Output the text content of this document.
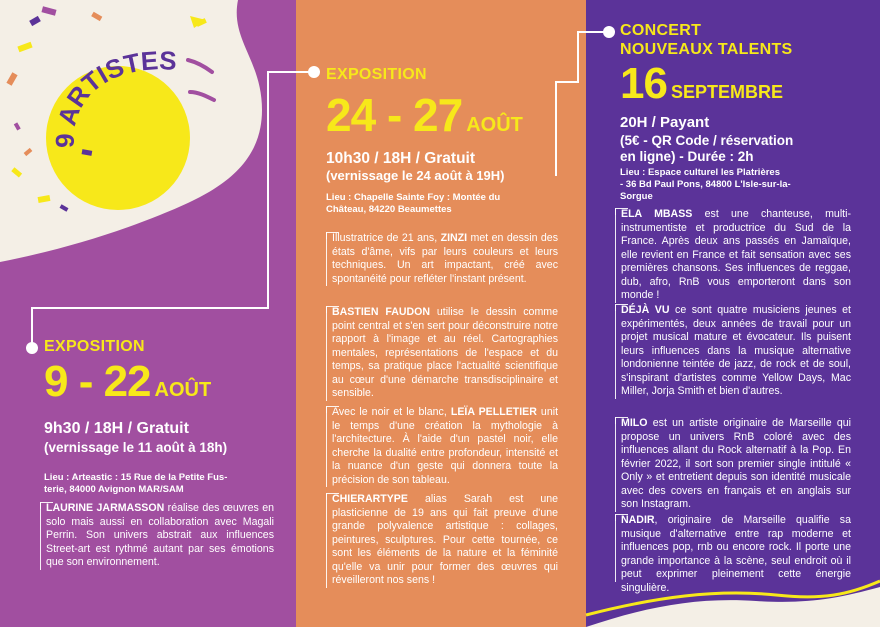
9 ARTISTES
EXPOSITION
9 - 22 AOÛT
9h30 / 18H / Gratuit
(vernissage le 11 août à 18h)
Lieu : Arteastic : 15 Rue de la Petite Fus-
terie, 84000 Avignon MAR/SAM
LAURINE JARMASSON réalise des œuvres en solo mais aussi en collaboration avec Magali Perrin. Son univers abstrait aux influences Street-art est rythmé autant par ses émotions que son environnement.
EXPOSITION
24 - 27 AOÛT
10h30 / 18H / Gratuit
(vernissage le 24 août à 19H)
Lieu : Chapelle Sainte Foy : Montée du
Château, 84220 Beaumettes
Illustratrice de 21 ans, ZINZI met en dessin des états d'âme, vifs par leurs couleurs et leurs techniques. Un art impactant, créé avec spontanéité pour refléter l'instant présent.
BASTIEN FAUDON utilise le dessin comme point central et s'en sert pour déconstruire notre rapport à l'image et au réel. Cartographies mentales, représentations de l'espace et du temps, sa pratique place l'actualité scientifique au cœur d'une démarche transdisciplinaire et sensible.
Avec le noir et le blanc, LEÏA PELLETIER unit le temps d'une création la mythologie à l'architecture. À l'aide d'un pastel noir, elle cherche la dualité entre profondeur, intensité et la nuance d'un geste qui donnera toute la précision de son tableau.
CHIERARTYPE alias Sarah est une plasticienne de 19 ans qui fait preuve d'une grande polyvalence artistique : collages, peintures, sculptures. Pour cette tournée, ce sont les éléments de la nature et la féminité qu'elle va unir pour former des œuvres qui réveilleront nos sens !
CONCERT
NOUVEAUX TALENTS
16 SEPTEMBRE
20H / Payant
(5€ - QR Code / réservation
en ligne) - Durée : 2h
Lieu : Espace culturel les Platrières
- 36 Bd Paul Pons, 84800 L'Isle-sur-la-
Sorgue
ELA MBASS est une chanteuse, multi-instrumentiste et productrice du Sud de la France. Après deux ans passés en Jamaïque, elle revient en France et fait sensation avec ses premières chansons. Ses influences de reggae, dub, afro, RnB vous emporteront dans son monde !
DÉJÀ VU ce sont quatre musiciens jeunes et expérimentés, deux années de travail pour un projet musical mature et évocateur. Ils puisent leurs influences dans la musique alternative londonienne teintée de jazz, de rock et de soul, s'inspirant d'artistes comme Yellow Days, Mac Miller, Jorja Smith et bien d'autres.
MILO est un artiste originaire de Marseille qui propose un univers RnB coloré avec des influences allant du Rock alternatif à la Pop. En février 2022, il sort son premier single intitulé « Only » et entretient depuis son identité musicale avec des covers en français et en anglais sur son Instagram.
NADIR, originaire de Marseille qualifie sa musique d'alternative entre rap moderne et influences pop, rnb ou encore rock. Il porte une grande importance à la scène, seul endroit où il peut exprimer pleinement cette énergie singulière.
